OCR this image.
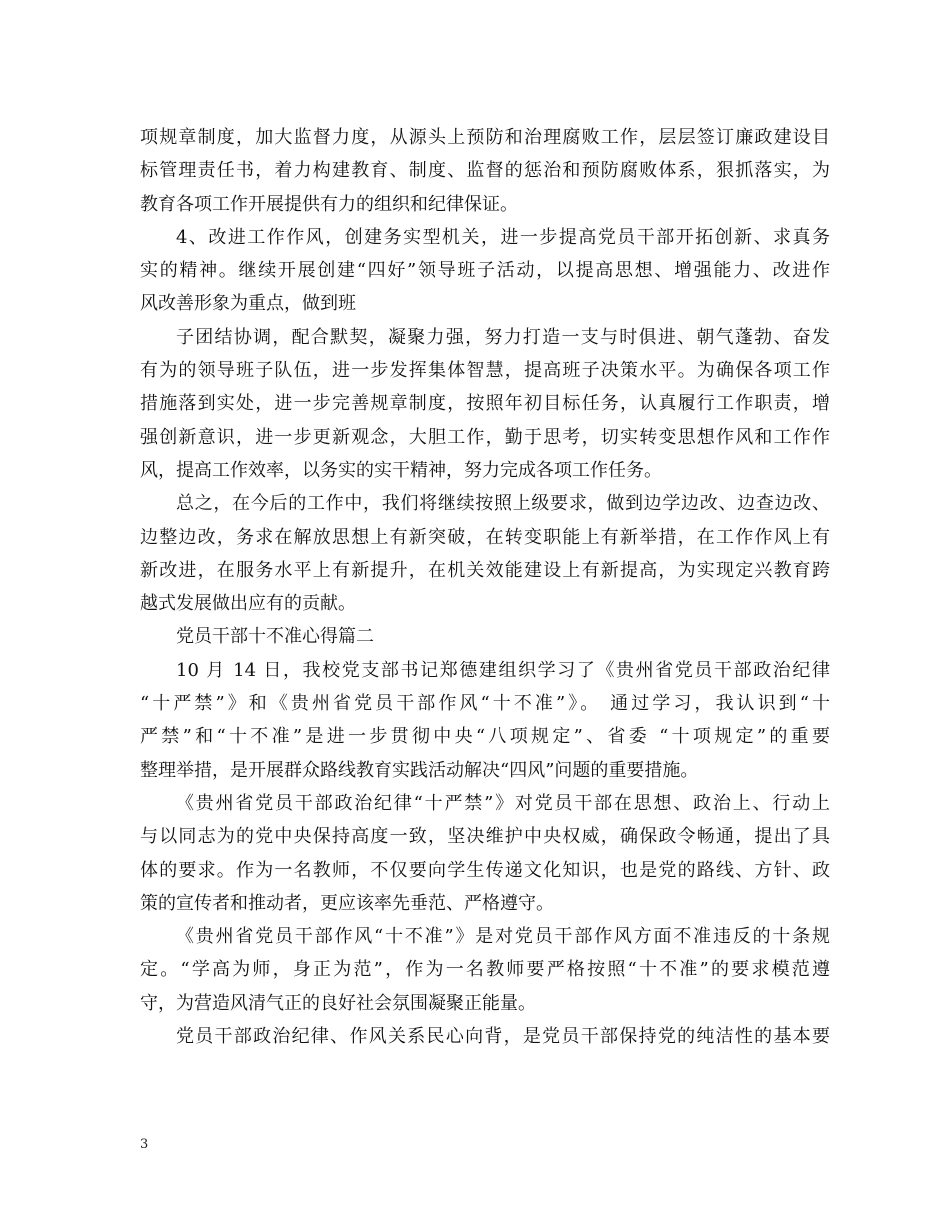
项规章制度，加大监督力度，从源头上预防和治理腐败工作，层层签订廉政建设目

标管理责任书，着力构建教育、制度、监督的惩治和预防腐败体系，狠抓落实，为

教育各项工作开展提供有力的组织和纪律保证。

4、改进工作作风，创建务实型机关，进一步提高党员干部开拓创新、求真务

实的精神。继续开展创建“四好”领导班子活动，以提高思想、增强能力、改进作

风改善形象为重点，做到班

子团结协调，配合默契，凝聚力强，努力打造一支与时俱进、朝气蓬勃、奋发

有为的领导班子队伍，进一步发挥集体智慧，提高班子决策水平。为确保各项工作

措施落到实处，进一步完善规章制度，按照年初目标任务，认真履行工作职责，增

强创新意识，进一步更新观念，大胆工作，勤于思考，切实转变思想作风和工作作

风，提高工作效率，以务实的实干精神，努力完成各项工作任务。

总之，在今后的工作中，我们将继续按照上级要求，做到边学边改、边查边改、

边整边改，务求在解放思想上有新突破，在转变职能上有新举措，在工作作风上有

新改进，在服务水平上有新提升，在机关效能建设上有新提高，为实现定兴教育跨

越式发展做出应有的贡献。

党员干部十不准心得篇二

10 月 14 日，我校党支部书记郑德建组织学习了《贵州省党员干部政治纪律

“十严禁”》和《贵州省党员干部作风“十不准”》。 通过学习，我认识到“十

严禁”和“十不准”是进一步贯彻中央“八项规定”、省委 “十项规定”的重要

整理举措，是开展群众路线教育实践活动解决“四风”问题的重要措施。

《贵州省党员干部政治纪律“十严禁”》对党员干部在思想、政治上、行动上

与以同志为的党中央保持高度一致，坚决维护中央权威，确保政令畅通，提出了具

体的要求。作为一名教师，不仅要向学生传递文化知识，也是党的路线、方针、政

策的宣传者和推动者，更应该率先垂范、严格遵守。

《贵州省党员干部作风“十不准”》是对党员干部作风方面不准违反的十条规

定。“学高为师，身正为范”，作为一名教师要严格按照“十不准”的要求模范遵

守，为营造风清气正的良好社会氛围凝聚正能量。

党员干部政治纪律、作风关系民心向背，是党员干部保持党的纯洁性的基本要

3
